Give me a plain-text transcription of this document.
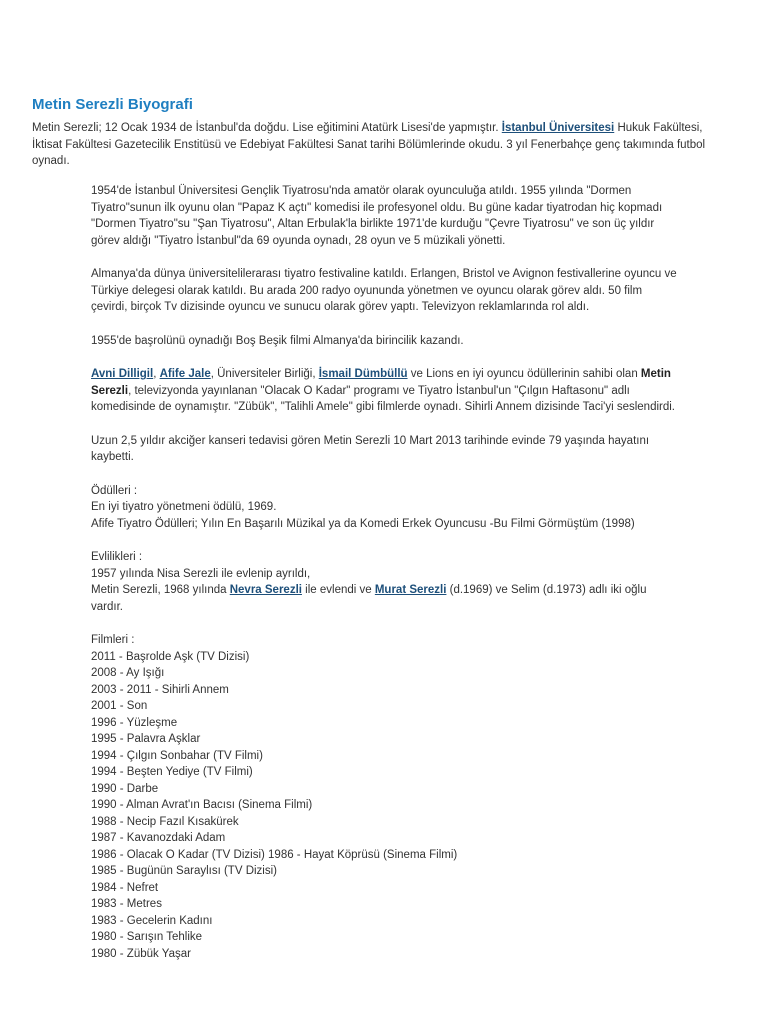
Metin Serezli Biyografi

Metin Serezli; 12 Ocak 1934 de İstanbul'da doğdu. Lise eğitimini Atatürk Lisesi'de yapmıştır. İstanbul Üniversitesi Hukuk Fakültesi, İktisat Fakültesi Gazetecilik Enstitüsü ve Edebiyat Fakültesi Sanat tarihi Bölümlerinde okudu. 3 yıl Fenerbahçe genç takımında futbol oynadı.

1954'de İstanbul Üniversitesi Gençlik Tiyatrosu'nda amatör olarak oyunculuğa atıldı. 1955 yılında "Dormen Tiyatro"sunun ilk oyunu olan "Papaz K açtı" komedisi ile profesyonel oldu. Bu güne kadar tiyatrodan hiç kopmadı "Dormen Tiyatro"su "Şan Tiyatrosu", Altan Erbulak'la birlikte 1971'de kurduğu "Çevre Tiyatrosu" ve son üç yıldır görev aldığı "Tiyatro İstanbul"da 69 oyunda oynadı, 28 oyun ve 5 müzikali yönetti.

Almanya'da dünya üniversitelilerarası tiyatro festivaline katıldı. Erlangen, Bristol ve Avignon festivallerine oyuncu ve Türkiye delegesi olarak katıldı. Bu arada 200 radyo oyununda yönetmen ve oyuncu olarak görev aldı. 50 film çevirdi, birçok Tv dizisinde oyuncu ve sunucu olarak görev yaptı. Televizyon reklamlarında rol aldı.

1955'de başrolünü oynadığı Boş Beşik filmi Almanya'da birincilik kazandı.

Avni Dilligil, Afife Jale, Üniversiteler Birliği, İsmail Dümbüllü ve Lions en iyi oyuncu ödüllerinin sahibi olan Metin Serezli, televizyonda yayınlanan "Olacak O Kadar" programı ve Tiyatro İstanbul'un "Çılgın Haftasonu" adlı komedisinde de oynamıştır. "Zübük", "Talihli Amele" gibi filmlerde oynadı. Sihirli Annem dizisinde Taci'yi seslendirdi.

Uzun 2,5 yıldır akciğer kanseri tedavisi gören Metin Serezli 10 Mart 2013 tarihinde evinde 79 yaşında hayatını kaybetti.

Ödülleri :
En iyi tiyatro yönetmeni ödülü, 1969.
Afife Tiyatro Ödülleri; Yılın En Başarılı Müzikal ya da Komedi Erkek Oyuncusu -Bu Filmi Görmüştüm (1998)

Evlilikleri :
1957 yılında Nisa Serezli ile evlenip ayrıldı,
Metin Serezli, 1968 yılında Nevra Serezli ile evlendi ve Murat Serezli (d.1969) ve Selim (d.1973) adlı iki oğlu vardır.

Filmleri :
2011 - Başrolde Aşk (TV Dizisi)
2008 - Ay Işığı
2003 - 2011 - Sihirli Annem
2001 - Son
1996 - Yüzleşme
1995 - Palavra Aşklar
1994 - Çılgın Sonbahar (TV Filmi)
1994 - Beşten Yediye (TV Filmi)
1990 - Darbe
1990 - Alman Avrat'ın Bacısı (Sinema Filmi)
1988 - Necip Fazıl Kısakürek
1987 - Kavanozdaki Adam
1986 - Olacak O Kadar (TV Dizisi) 1986 - Hayat Köprüsü (Sinema Filmi)
1985 - Bugünün Saraylısı (TV Dizisi)
1984 - Nefret
1983 - Metres
1983 - Gecelerin Kadını
1980 - Sarışın Tehlike
1980 - Zübük Yaşar
